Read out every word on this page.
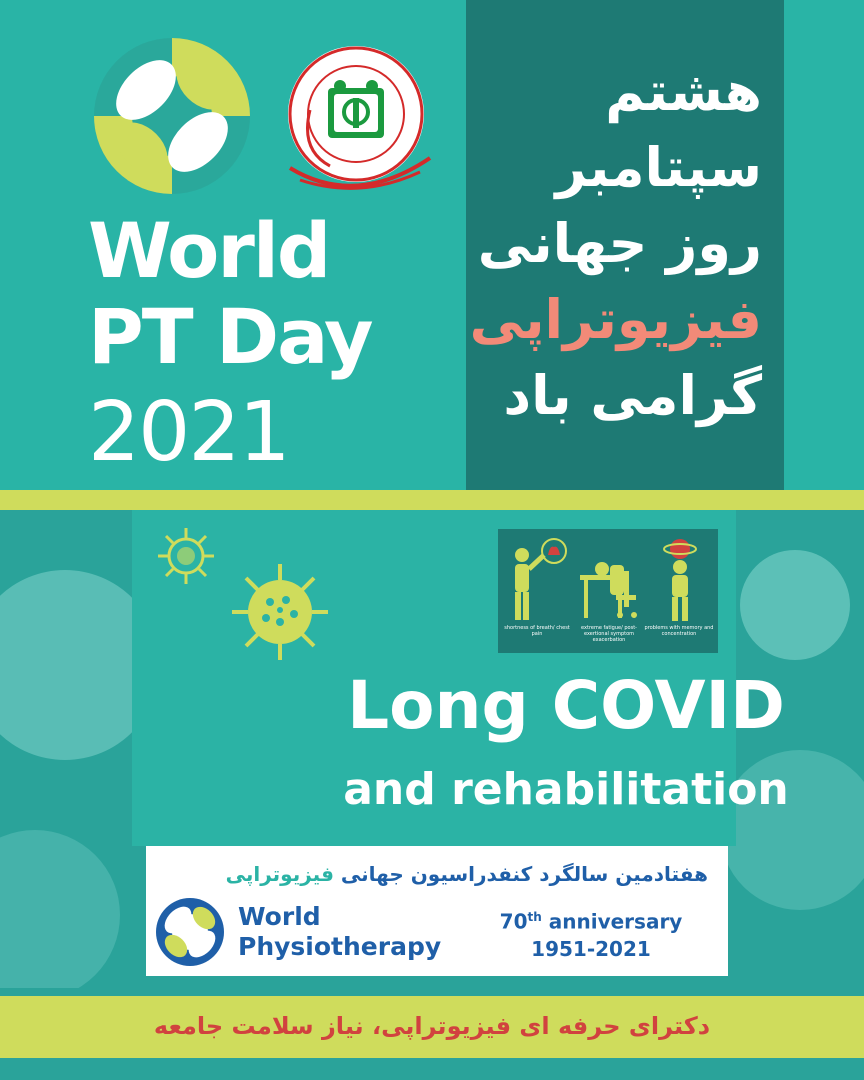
World
PT Day
2021
هشتم
سپتامبر
روز جهانی
فیزیوتراپی
گرامی باد
Long COVID
and rehabilitation
shortness of breath/ chest pain
extreme fatigue/ post-exertional symptom exacerbation
problems with memory and concentration
هفتادمین سالگرد کنفدراسیون جهانی فیزیوتراپی
World
Physiotherapy
70th anniversary
1951-2021
دکترای حرفه ای فیزیوتراپی، نیاز سلامت جامعه
